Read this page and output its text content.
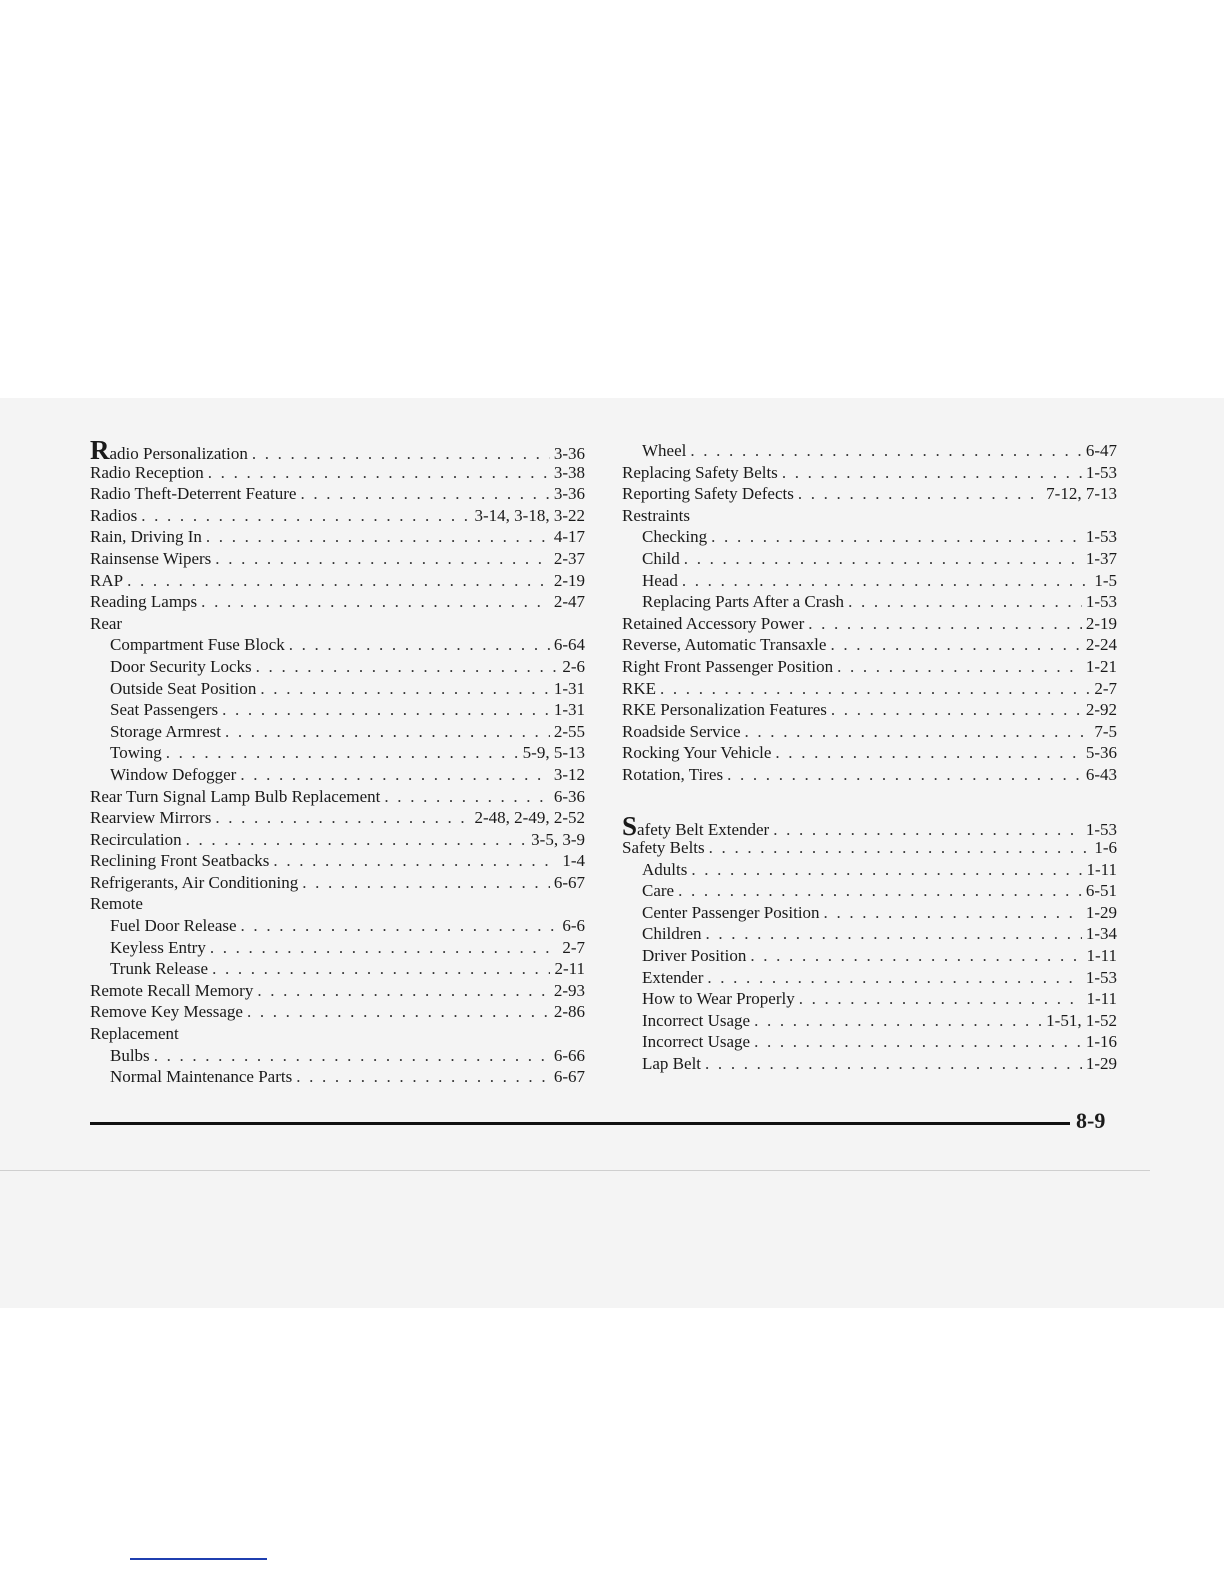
Radio Personalization . . .	3-36
Radio Reception . . .	3-38
Radio Theft-Deterrent Feature . . .	3-36
Radios . . .	3-14, 3-18, 3-22
Rain, Driving In . . .	4-17
Rainsense Wipers . . .	2-37
RAP . . .	2-19
Reading Lamps . . .	2-47
Rear
Compartment Fuse Block . . .	6-64
Door Security Locks . . .	2-6
Outside Seat Position . . .	1-31
Seat Passengers . . .	1-31
Storage Armrest . . .	2-55
Towing . . .	5-9, 5-13
Window Defogger . . .	3-12
Rear Turn Signal Lamp Bulb Replacement . . .	6-36
Rearview Mirrors . . .	2-48, 2-49, 2-52
Recirculation . . .	3-5, 3-9
Reclining Front Seatbacks . . .	1-4
Refrigerants, Air Conditioning . . .	6-67
Remote
Fuel Door Release . . .	6-6
Keyless Entry . . .	2-7
Trunk Release . . .	2-11
Remote Recall Memory . . .	2-93
Remove Key Message . . .	2-86
Replacement
Bulbs . . .	6-66
Normal Maintenance Parts . . .	6-67
Wheel . . .	6-47
Replacing Safety Belts . . .	1-53
Reporting Safety Defects . . .	7-12, 7-13
Restraints
Checking . . .	1-53
Child . . .	1-37
Head . . .	1-5
Replacing Parts After a Crash . . .	1-53
Retained Accessory Power . . .	2-19
Reverse, Automatic Transaxle . . .	2-24
Right Front Passenger Position . . .	1-21
RKE . . .	2-7
RKE Personalization Features . . .	2-92
Roadside Service . . .	7-5
Rocking Your Vehicle . . .	5-36
Rotation, Tires . . .	6-43
Safety Belt Extender . . .	1-53
Safety Belts . . .	1-6
Adults . . .	1-11
Care . . .	6-51
Center Passenger Position . . .	1-29
Children . . .	1-34
Driver Position . . .	1-11
Extender . . .	1-53
How to Wear Properly . . .	1-11
Incorrect Usage . . .	1-51, 1-52
Incorrect Usage . . .	1-16
Lap Belt . . .	1-29
8-9
